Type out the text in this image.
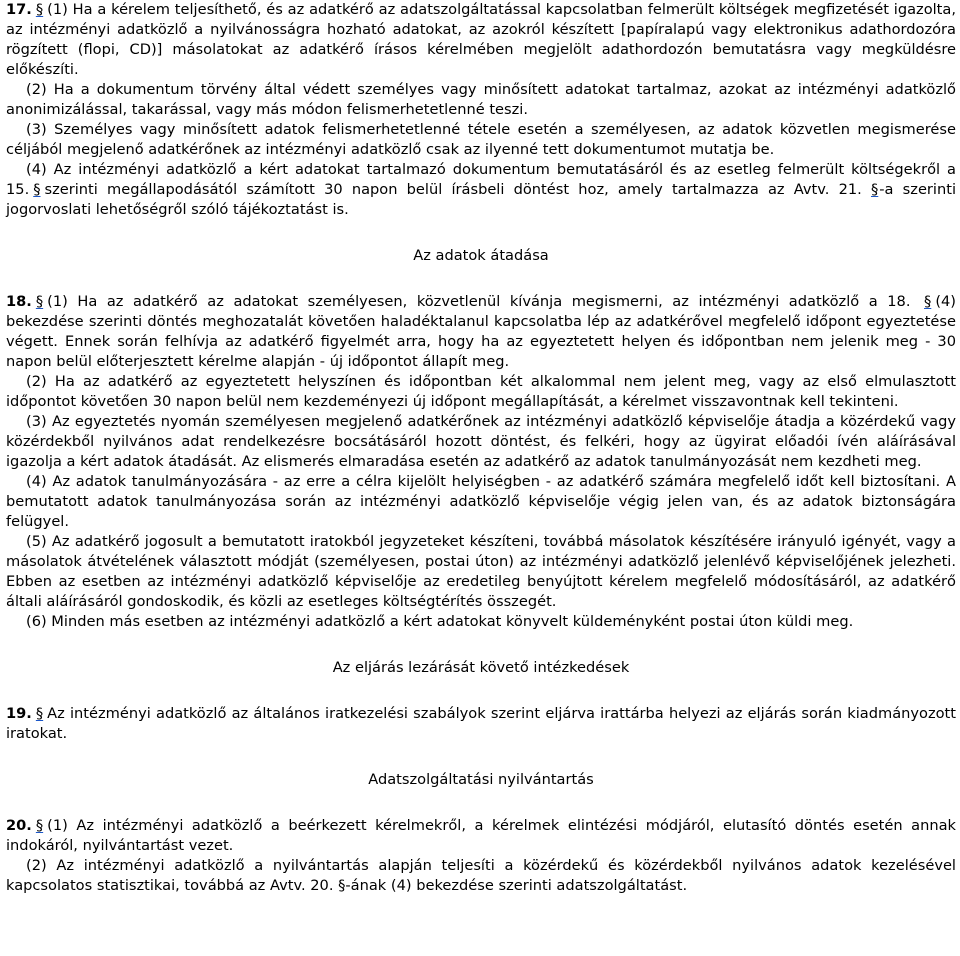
17. § (1) Ha a kérelem teljesíthető, és az adatkérő az adatszolgáltatással kapcsolatban felmerült költségek megfizetését igazolta, az intézményi adatközlő a nyilvánosságra hozható adatokat, az azokról készített [papíralapú vagy elektronikus adathordozóra rögzített (flopi, CD)] másolatokat az adatkérő írásos kérelmében megjelölt adathordozón bemutatásra vagy megküldésre előkészíti.

(2) Ha a dokumentum törvény által védett személyes vagy minősített adatokat tartalmaz, azokat az intézményi adatközlő anonimizálással, takarással, vagy más módon felismerhetetlenné teszi.

(3) Személyes vagy minősített adatok felismerhetetlenné tétele esetén a személyesen, az adatok közvetlen megismerése céljából megjelenő adatkérőnek az intézményi adatközlő csak az ilyenné tett dokumentumot mutatja be.

(4) Az intézményi adatközlő a kért adatokat tartalmazó dokumentum bemutatásáról és az esetleg felmerült költségekről a 15. § szerinti megállapodásától számított 30 napon belül írásbeli döntést hoz, amely tartalmazza az Avtv. 21. §-a szerinti jogorvoslati lehetőségről szóló tájékoztatást is.

Az adatok átadása

18. § (1) Ha az adatkérő az adatokat személyesen, közvetlenül kívánja megismerni, az intézményi adatközlő a 18. § (4) bekezdése szerinti döntés meghozatalát követően haladéktalanul kapcsolatba lép az adatkérővel megfelelő időpont egyeztetése végett. Ennek során felhívja az adatkérő figyelmét arra, hogy ha az egyeztetett helyen és időpontban nem jelenik meg - 30 napon belül előterjesztett kérelme alapján - új időpontot állapít meg.

(2) Ha az adatkérő az egyeztetett helyszínen és időpontban két alkalommal nem jelent meg, vagy az első elmulasztott időpontot követően 30 napon belül nem kezdeményezi új időpont megállapítását, a kérelmet visszavontnak kell tekinteni.

(3) Az egyeztetés nyomán személyesen megjelenő adatkérőnek az intézményi adatközlő képviselője átadja a közérdekű vagy közérdekből nyilvános adat rendelkezésre bocsátásáról hozott döntést, és felkéri, hogy az ügyirat előadói ívén aláírásával igazolja a kért adatok átadását. Az elismerés elmaradása esetén az adatkérő az adatok tanulmányozását nem kezdheti meg.

(4) Az adatok tanulmányozására - az erre a célra kijelölt helyiségben - az adatkérő számára megfelelő időt kell biztosítani. A bemutatott adatok tanulmányozása során az intézményi adatközlő képviselője végig jelen van, és az adatok biztonságára felügyel.

(5) Az adatkérő jogosult a bemutatott iratokból jegyzeteket készíteni, továbbá másolatok készítésére irányuló igényét, vagy a másolatok átvételének választott módját (személyesen, postai úton) az intézményi adatközlő jelenlévő képviselőjének jelezheti. Ebben az esetben az intézményi adatközlő képviselője az eredetileg benyújtott kérelem megfelelő módosításáról, az adatkérő általi aláírásáról gondoskodik, és közli az esetleges költségtérítés összegét.

(6) Minden más esetben az intézményi adatközlő a kért adatokat könyvelt küldeményként postai úton küldi meg.

Az eljárás lezárását követő intézkedések

19. § Az intézményi adatközlő az általános iratkezelési szabályok szerint eljárva irattárba helyezi az eljárás során kiadmányozott iratokat.

Adatszolgáltatási nyilvántartás

20. § (1) Az intézményi adatközlő a beérkezett kérelmekről, a kérelmek elintézési módjáról, elutasító döntés esetén annak indokáról, nyilvántartást vezet.

(2) Az intézményi adatközlő a nyilvántartás alapján teljesíti a közérdekű és közérdekből nyilvános adatok kezelésével kapcsolatos statisztikai, továbbá az Avtv. 20. §-ának (4) bekezdése szerinti adatszolgáltatást.
